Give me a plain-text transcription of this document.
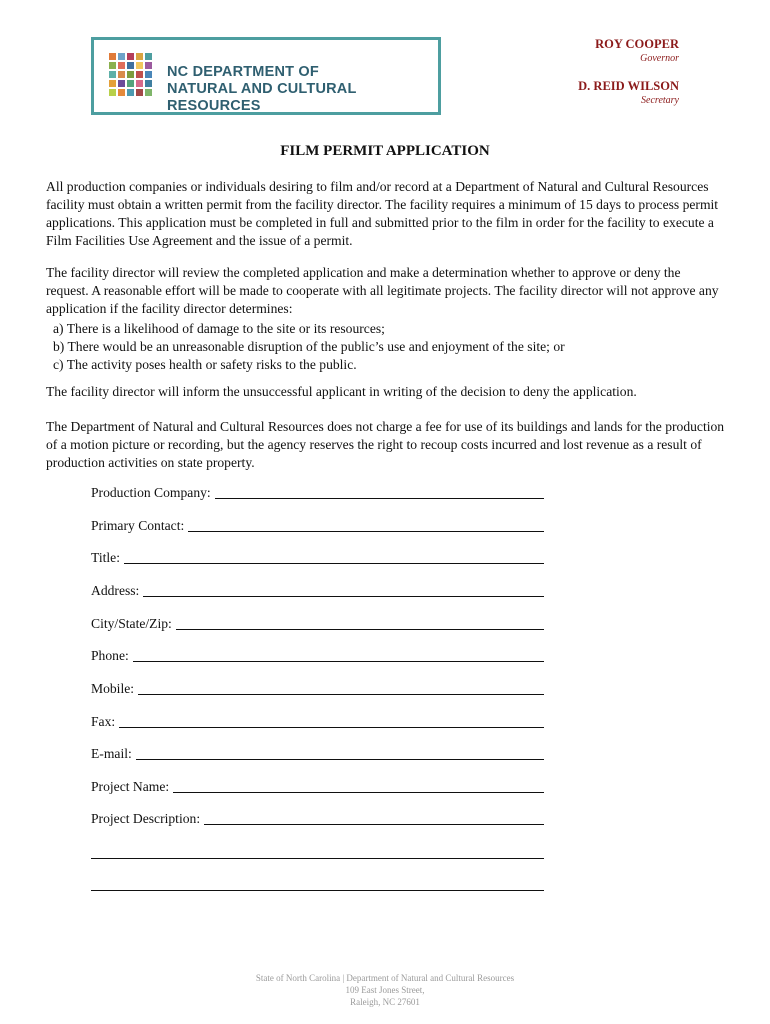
NC DEPARTMENT OF
NATURAL AND CULTURAL RESOURCES
ROY COOPER
Governor
D. REID WILSON
Secretary
FILM PERMIT APPLICATION

All production companies or individuals desiring to film and/or record at a Department of Natural and Cultural Resources facility must obtain a written permit from the facility director. The facility requires a minimum of 15 days to process permit applications. This application must be completed in full and submitted prior to the film in order for the facility to execute a Film Facilities Use Agreement and the issue of a permit.

The facility director will review the completed application and make a determination whether to approve or deny the request. A reasonable effort will be made to cooperate with all legitimate projects. The facility director will not approve any application if the facility director determines:

a) There is a likelihood of damage to the site or its resources;
b) There would be an unreasonable disruption of the public’s use and enjoyment of the site; or
c) The activity poses health or safety risks to the public.

The facility director will inform the unsuccessful applicant in writing of the decision to deny the application.

The Department of Natural and Cultural Resources does not charge a fee for use of its buildings and lands for the production of a motion picture or recording, but the agency reserves the right to recoup costs incurred and lost revenue as a result of production activities on state property.

Production Company:
Primary Contact:
Title:
Address:
City/State/Zip:
Phone:
Mobile:
Fax:
E-mail:
Project Name:
Project Description:
State of North Carolina | Department of Natural and Cultural Resources
109 East Jones Street,
Raleigh, NC 27601
